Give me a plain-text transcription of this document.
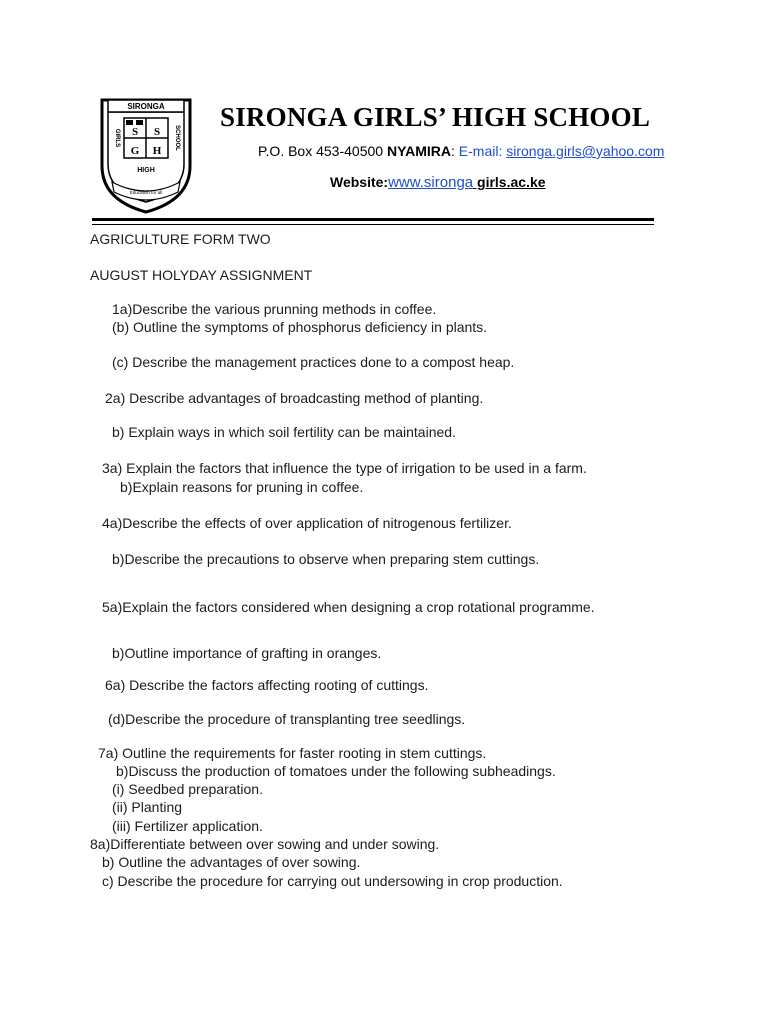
SIRONGA
S S
G H
GIRLS	SCHOOL
HIGH
Education for all
SIRONGA GIRLS’ HIGH SCHOOL
P.O. Box 453-40500 NYAMIRA: E-mail: sironga.girls@yahoo.com
Website:www.sironga girls.ac.ke
AGRICULTURE FORM TWO
AUGUST HOLYDAY ASSIGNMENT
1a)Describe the various prunning methods in coffee.
(b) Outline the symptoms of phosphorus deficiency in plants.
(c) Describe the management practices done to a compost heap.
2a) Describe advantages of broadcasting method of planting.
b) Explain ways in which soil fertility can be maintained.
3a) Explain the factors that influence the type of irrigation to be used in a farm.
b)Explain reasons for pruning in coffee.
4a)Describe the effects of over application of nitrogenous fertilizer.
b)Describe the precautions to observe when preparing stem cuttings.
5a)Explain the factors considered when designing a crop rotational programme.
b)Outline importance of grafting in oranges.
6a) Describe the factors affecting rooting of cuttings.
(d)Describe the procedure of transplanting tree seedlings.
7a) Outline the requirements for faster rooting in stem cuttings.
b)Discuss the production of tomatoes under the following subheadings.
(i) Seedbed preparation.
(ii) Planting
(iii) Fertilizer application.
8a)Differentiate between over sowing and under sowing.
b) Outline the advantages of over sowing.
c) Describe the procedure for carrying out undersowing in crop production.
